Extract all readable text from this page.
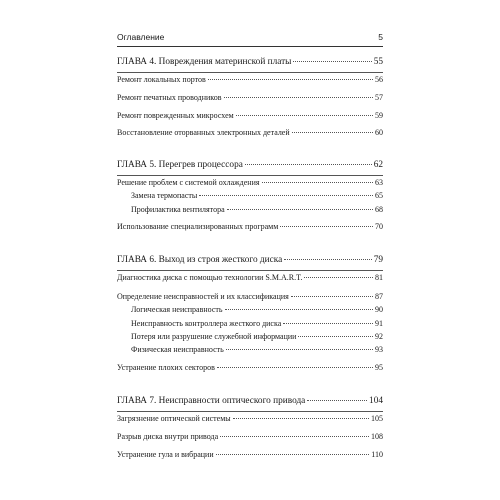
Оглавление	5
ГЛАВА 4. Повреждения материнской платы	55
Ремонт локальных портов	56
Ремонт печатных проводников	57
Ремонт поврежденных микросхем	59
Восстановление оторванных электронных деталей	60
ГЛАВА 5. Перегрев процессора	62
Решение проблем с системой охлаждения	63
Замена термопасты	65
Профилактика вентилятора	68
Использование специализированных программ	70
ГЛАВА 6. Выход из строя жесткого диска	79
Диагностика диска с помощью технологии S.M.A.R.T.	81
Определение неисправностей и их классификация	87
Логическая неисправность	90
Неисправность контроллера жесткого диска	91
Потеря или разрушение служебной информации	92
Физическая неисправность	93
Устранение плохих секторов	95
ГЛАВА 7. Неисправности оптического привода	104
Загрязнение оптической системы	105
Разрыв диска внутри привода	108
Устранение гула и вибрации	110
